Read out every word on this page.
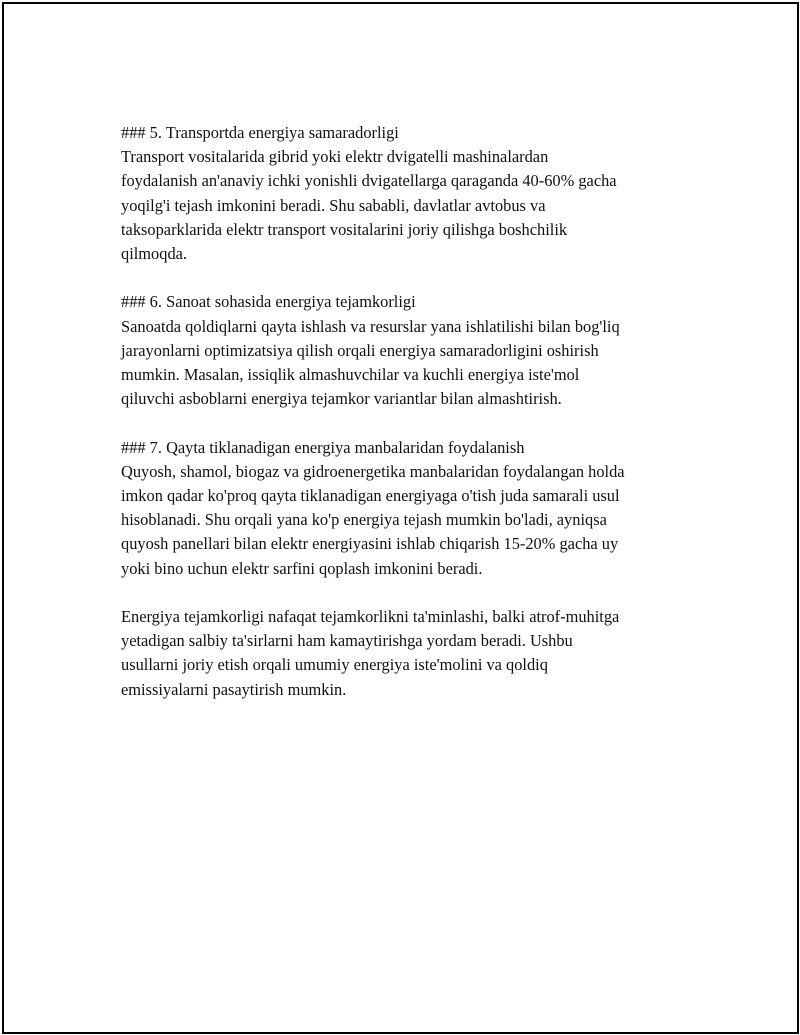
### 5. Transportda energiya samaradorligi
Transport vositalarida gibrid yoki elektr dvigatelli mashinalardan
foydalanish an'anaviy ichki yonishli dvigatellarga qaraganda 40-60% gacha
yoqilg'i tejash imkonini beradi. Shu sababli, davlatlar avtobus va
taksoparklarida elektr transport vositalarini joriy qilishga boshchilik
qilmoqda.
### 6. Sanoat sohasida energiya tejamkorligi
Sanoatda qoldiqlarni qayta ishlash va resurslar yana ishlatilishi bilan bog'liq
jarayonlarni optimizatsiya qilish orqali energiya samaradorligini oshirish
mumkin. Masalan, issiqlik almashuvchilar va kuchli energiya iste'mol
qiluvchi asboblarni energiya tejamkor variantlar bilan almashtirish.
### 7. Qayta tiklanadigan energiya manbalaridan foydalanish
Quyosh, shamol, biogaz va gidroenergetika manbalaridan foydalangan holda
imkon qadar ko'proq qayta tiklanadigan energiyaga o'tish juda samarali usul
hisoblanadi. Shu orqali yana ko'p energiya tejash mumkin bo'ladi, ayniqsa
quyosh panellari bilan elektr energiyasini ishlab chiqarish 15-20% gacha uy
yoki bino uchun elektr sarfini qoplash imkonini beradi.
Energiya tejamkorligi nafaqat tejamkorlikni ta'minlashi, balki atrof-muhitga
yetadigan salbiy ta'sirlarni ham kamaytirishga yordam beradi. Ushbu
usullarni joriy etish orqali umumiy energiya iste'molini va qoldiq
emissiyalarni pasaytirish mumkin.
